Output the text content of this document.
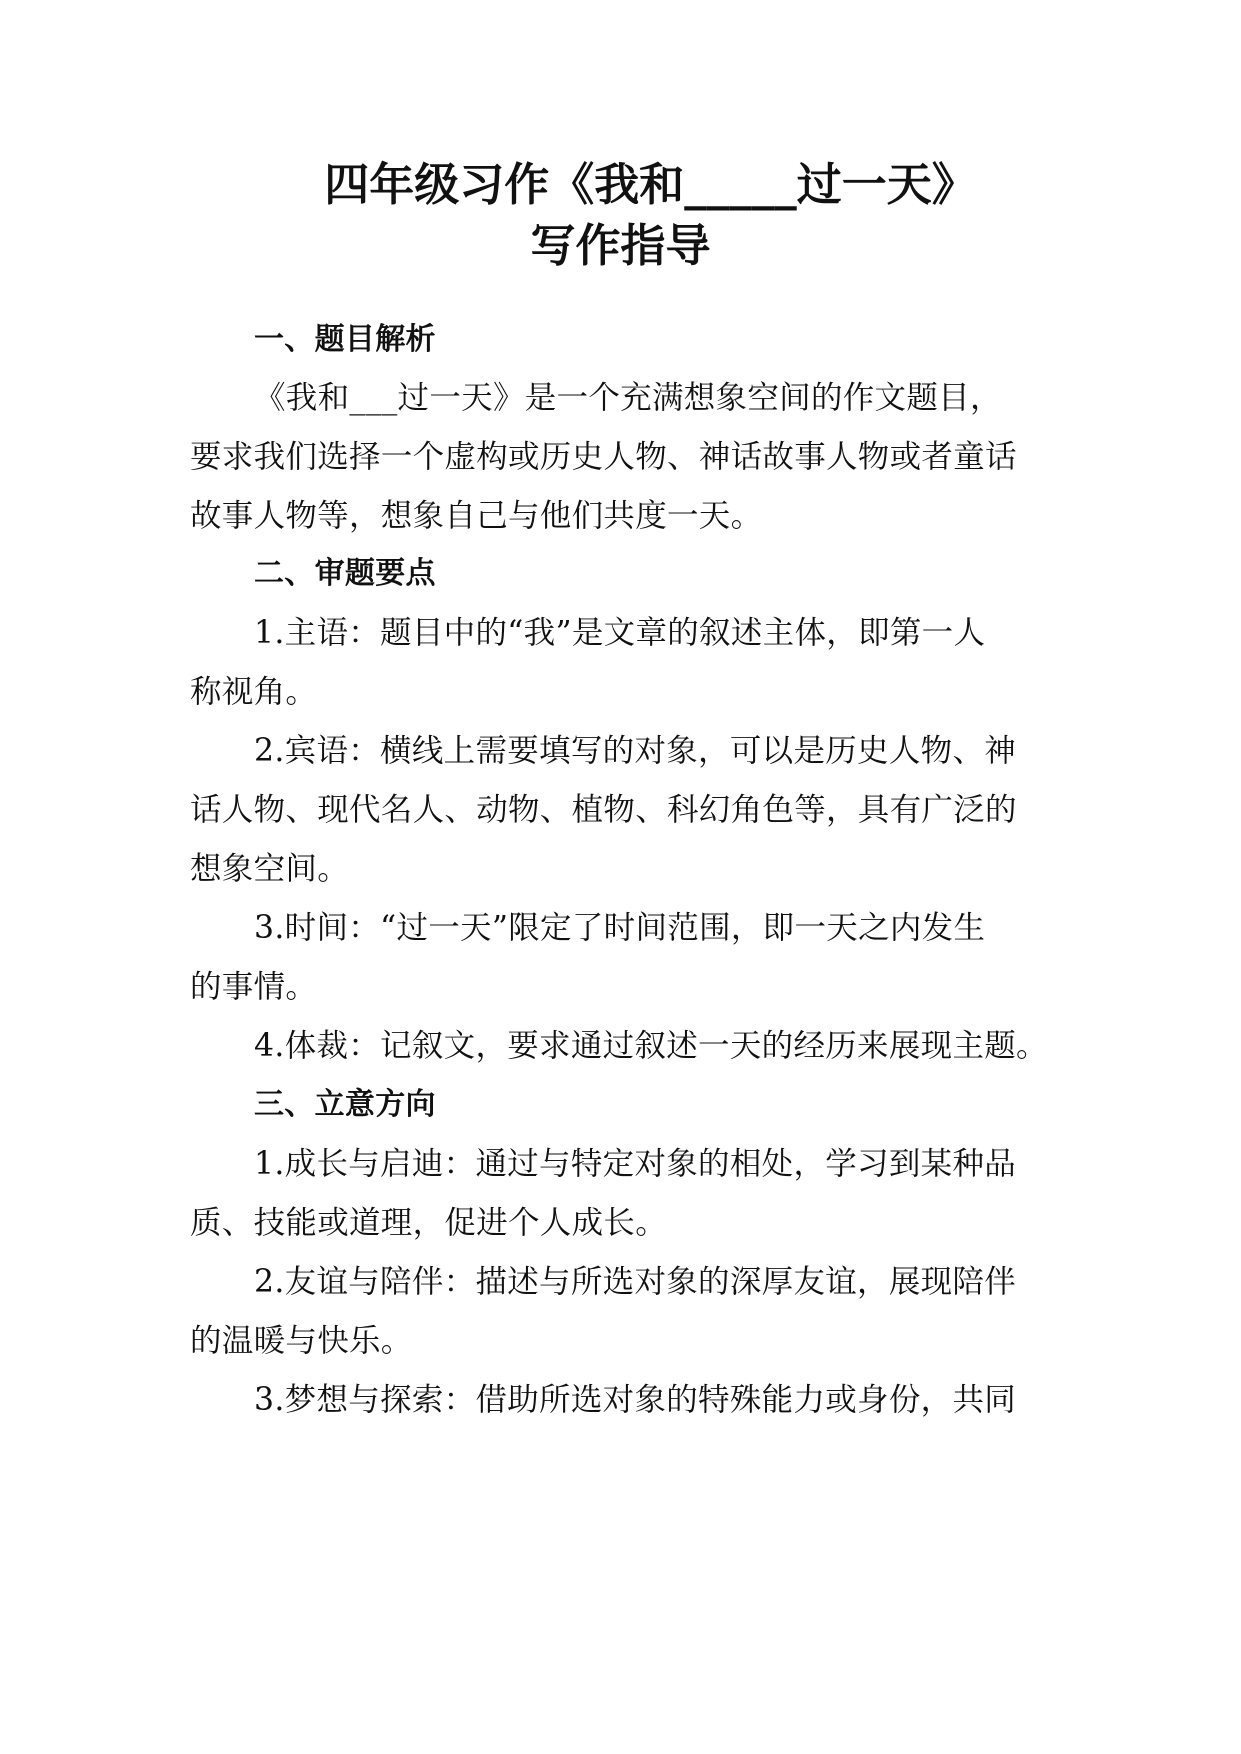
四年级习作《我和_____过一天》
写作指导
一、题目解析
《我和___过一天》是一个充满想象空间的作文题目，
要求我们选择一个虚构或历史人物、神话故事人物或者童话
故事人物等，想象自己与他们共度一天。
二、审题要点
1.主语：题目中的“我”是文章的叙述主体，即第一人
称视角。
2.宾语：横线上需要填写的对象，可以是历史人物、神
话人物、现代名人、动物、植物、科幻角色等，具有广泛的
想象空间。
3.时间：“过一天”限定了时间范围，即一天之内发生
的事情。
4.体裁：记叙文，要求通过叙述一天的经历来展现主题。
三、立意方向
1.成长与启迪：通过与特定对象的相处，学习到某种品
质、技能或道理，促进个人成长。
2.友谊与陪伴：描述与所选对象的深厚友谊，展现陪伴
的温暖与快乐。
3.梦想与探索：借助所选对象的特殊能力或身份，共同
